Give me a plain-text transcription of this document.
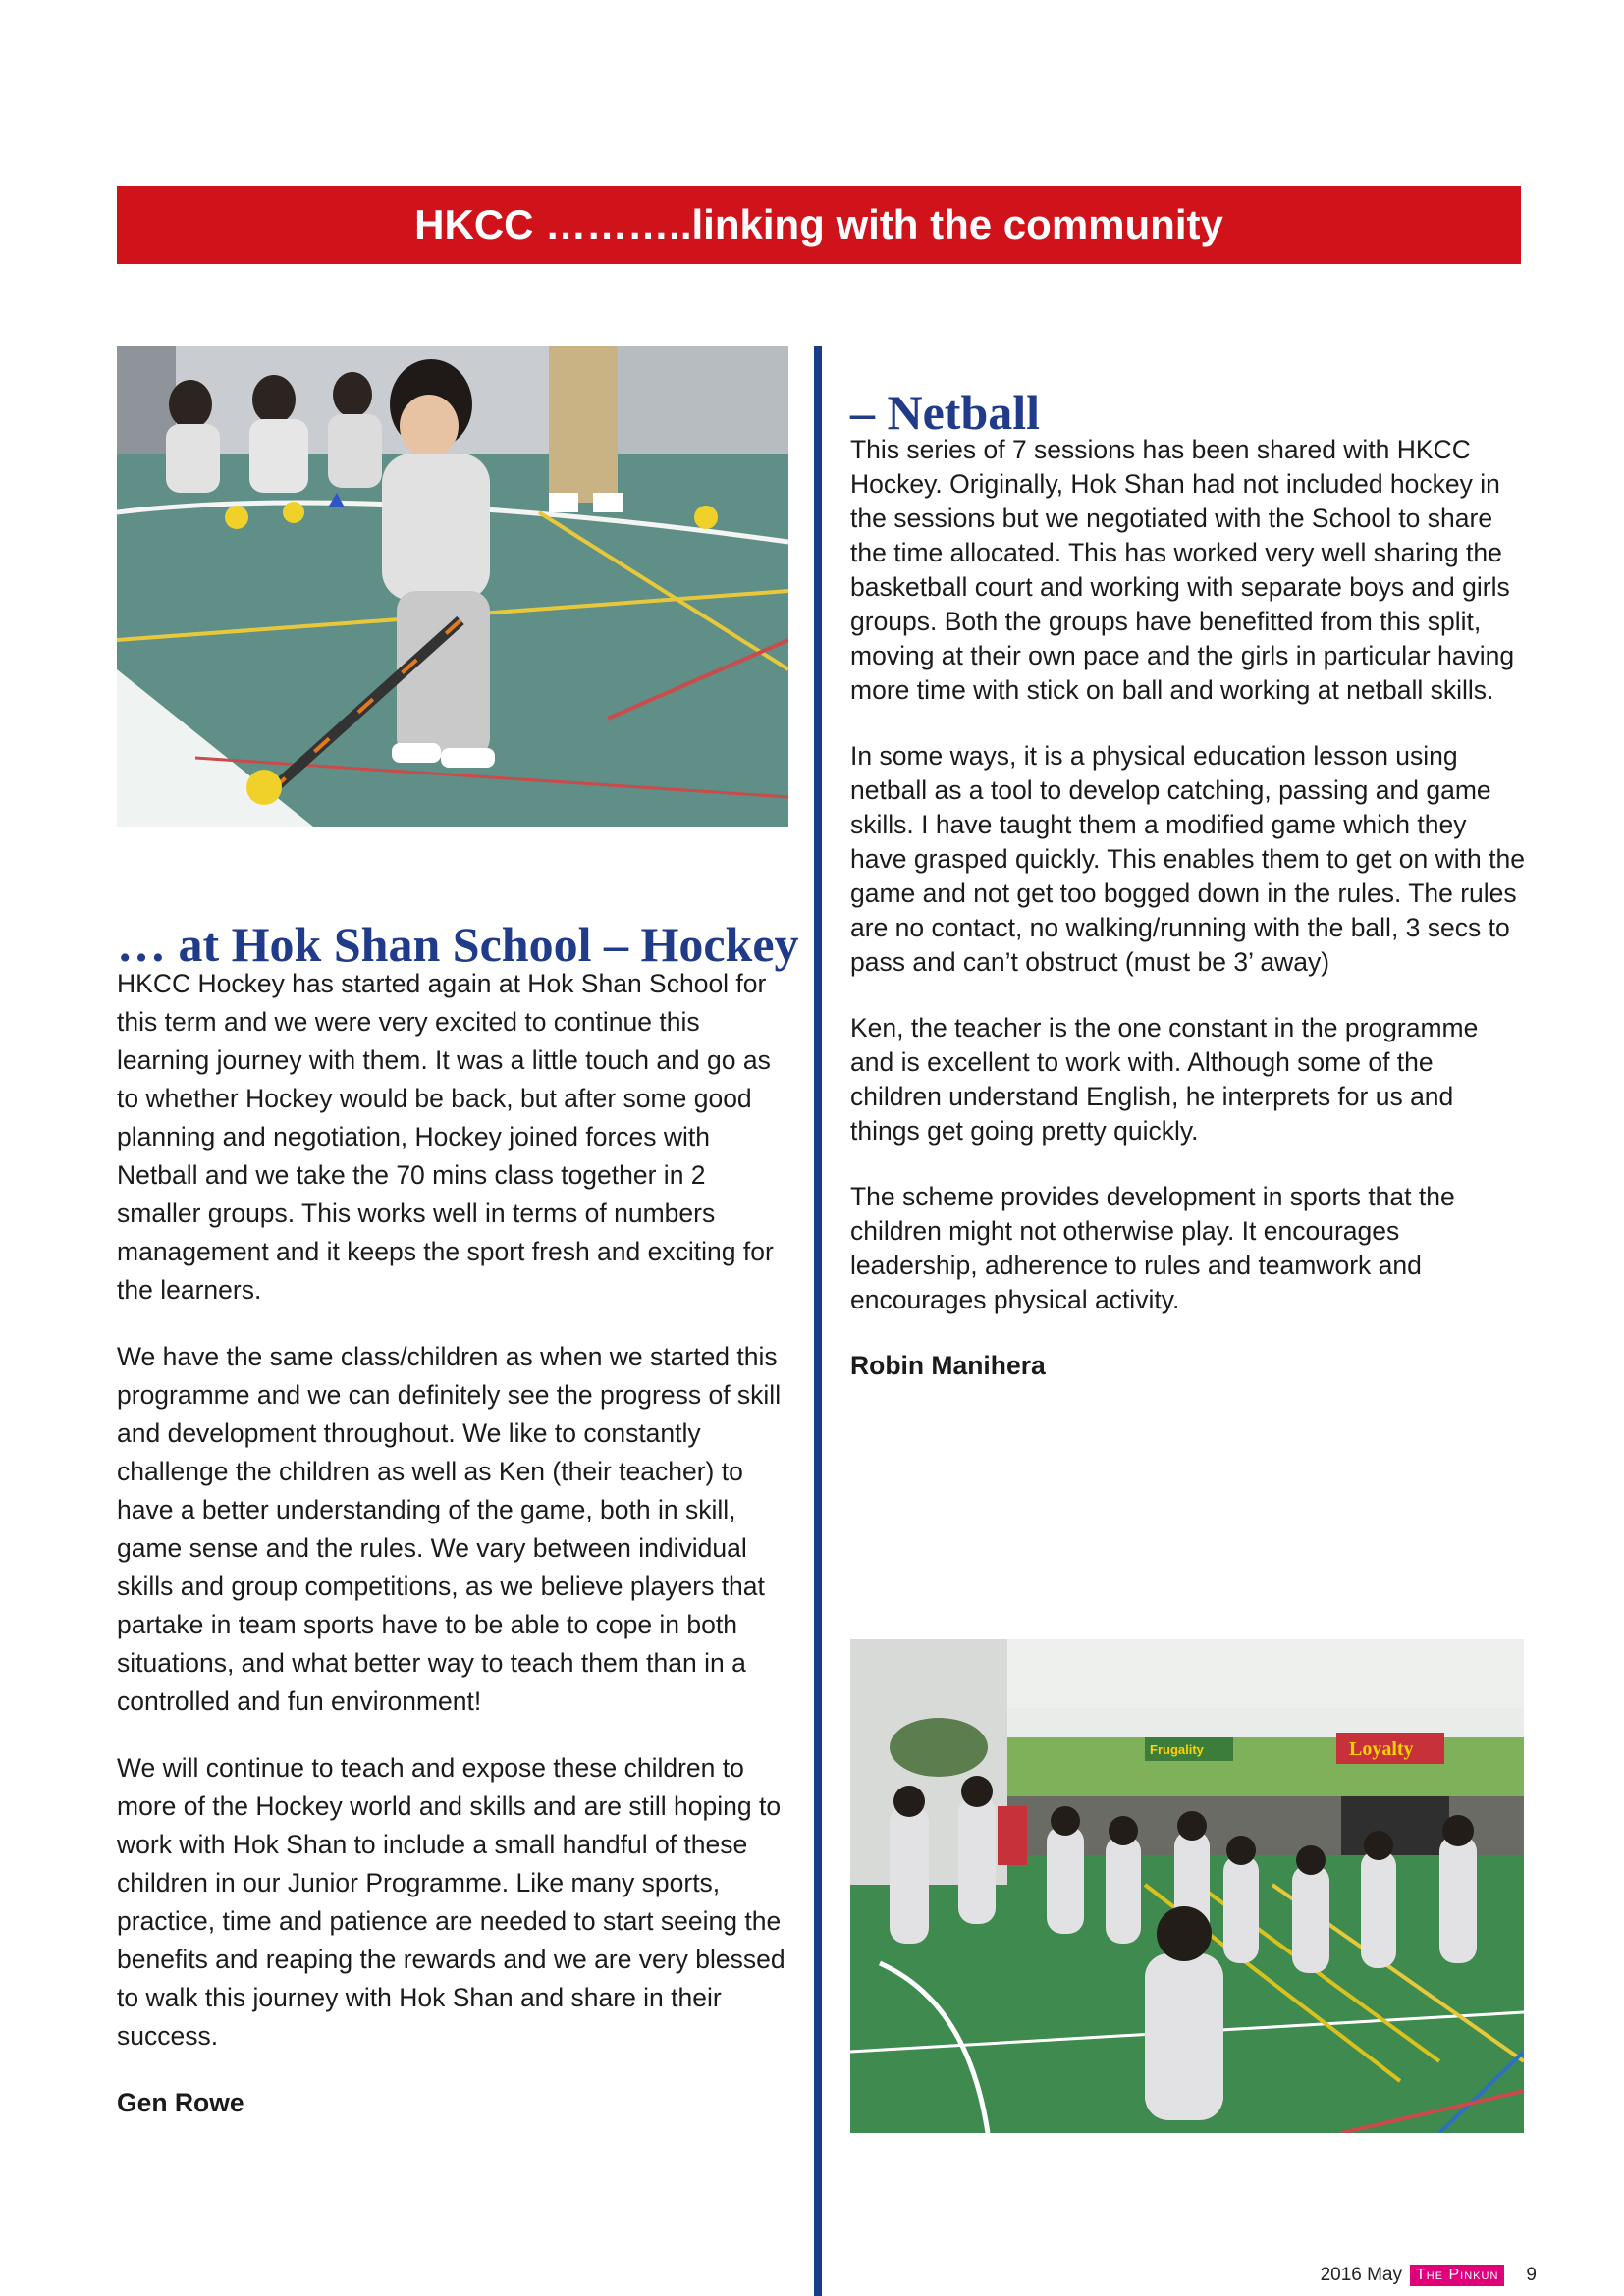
HKCC ………..linking with the community
… at Hok Shan School – Hockey

HKCC Hockey has started again at Hok Shan School for this term and we were very excited to continue this learning journey with them. It was a little touch and go as to whether Hockey would be back, but after some good planning and negotiation, Hockey joined forces with Netball and we take the 70 mins class together in 2 smaller groups. This works well in terms of numbers management and it keeps the sport fresh and exciting for the learners.

We have the same class/children as when we started this programme and we can definitely see the progress of skill and development throughout. We like to constantly challenge the children as well as Ken (their teacher) to have a better understanding of the game, both in skill, game sense and the rules. We vary between individual skills and group competitions, as we believe players that partake in team sports have to be able to cope in both situations, and what better way to teach them than in a controlled and fun environment!

We will continue to teach and expose these children to more of the Hockey world and skills and are still hoping to work with Hok Shan to include a small handful of these children in our Junior Programme. Like many sports, practice, time and patience are needed to start seeing the benefits and reaping the rewards and we are very blessed to walk this journey with Hok Shan and share in their success.

Gen Rowe

– Netball

This series of 7 sessions has been shared with HKCC Hockey. Originally, Hok Shan had not included hockey in the sessions but we negotiated with the School to share the time allocated. This has worked very well sharing the basketball court and working with separate boys and girls groups. Both the groups have benefitted from this split, moving at their own pace and the girls in particular having more time with stick on ball and working at netball skills.

In some ways, it is a physical education lesson using netball as a tool to develop catching, passing and game skills. I have taught them a modified game which they have grasped quickly. This enables them to get on with the game and not get too bogged down in the rules. The rules are no contact, no walking/running with the ball, 3 secs to pass and can’t obstruct (must be 3’ away)

Ken, the teacher is the one constant in the programme and is excellent to work with. Although some of the children understand English, he interprets for us and things get going pretty quickly.

The scheme provides development in sports that the children might not otherwise play. It encourages leadership, adherence to rules and teamwork and encourages physical activity.

Robin Manihera

Loyalty
Frugality
2016 May The Pinkun	9
